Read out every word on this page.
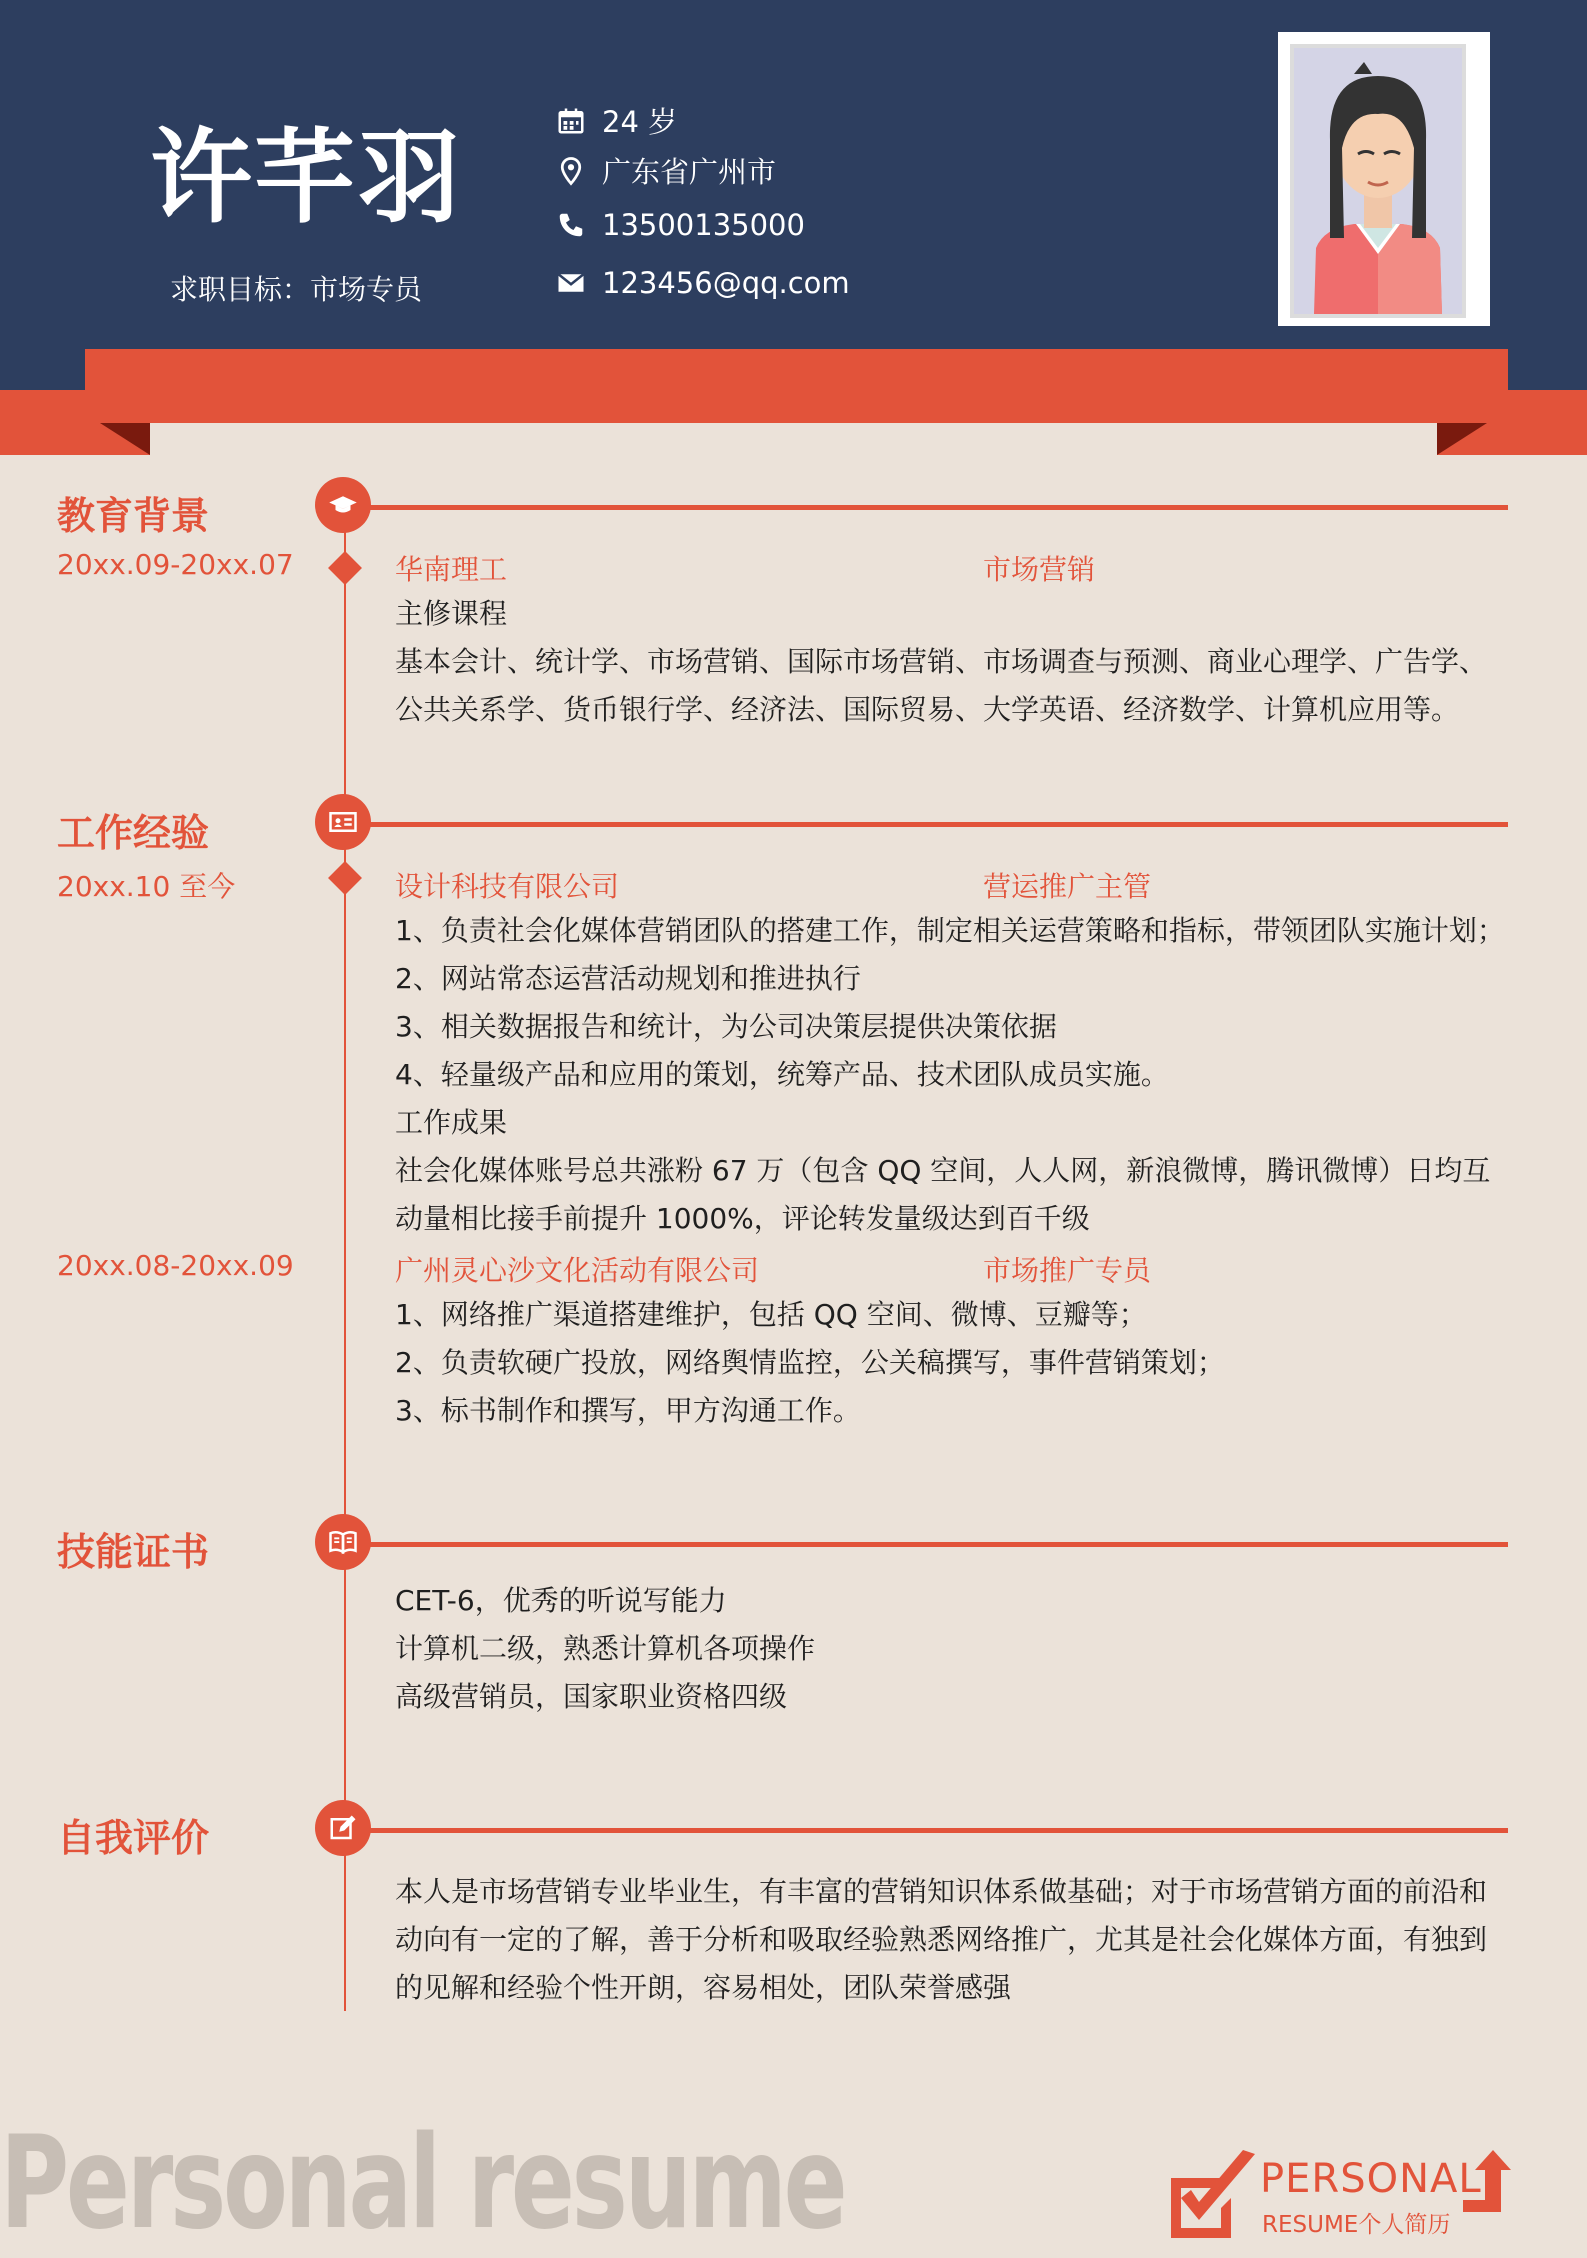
许芊羽
求职目标：市场专员
24 岁
广东省广州市
13500135000
123456@qq.com
教育背景
20xx.09-20xx.07	华南理工	市场营销
主修课程
基本会计、统计学、市场营销、国际市场营销、市场调查与预测、商业心理学、广告学、公共关系学、货币银行学、经济法、国际贸易、大学英语、经济数学、计算机应用等。
工作经验
20xx.10 至今	设计科技有限公司	营运推广主管
1、负责社会化媒体营销团队的搭建工作，制定相关运营策略和指标，带领团队实施计划；
2、网站常态运营活动规划和推进执行
3、相关数据报告和统计，为公司决策层提供决策依据
4、轻量级产品和应用的策划，统筹产品、技术团队成员实施。
工作成果
社会化媒体账号总共涨粉 67 万（包含 QQ 空间，人人网，新浪微博，腾讯微博）日均互动量相比接手前提升 1000%，评论转发量级达到百千级
20xx.08-20xx.09	广州灵心沙文化活动有限公司	市场推广专员
1、网络推广渠道搭建维护，包括 QQ 空间、微博、豆瓣等；
2、负责软硬广投放，网络舆情监控，公关稿撰写，事件营销策划；
3、标书制作和撰写，甲方沟通工作。
技能证书
CET-6，优秀的听说写能力
计算机二级，熟悉计算机各项操作
高级营销员，国家职业资格四级
自我评价
本人是市场营销专业毕业生，有丰富的营销知识体系做基础；对于市场营销方面的前沿和动向有一定的了解，善于分析和吸取经验熟悉网络推广，尤其是社会化媒体方面，有独到的见解和经验个性开朗，容易相处，团队荣誉感强
Personal resume	PERSONAL
RESUME个人简历
